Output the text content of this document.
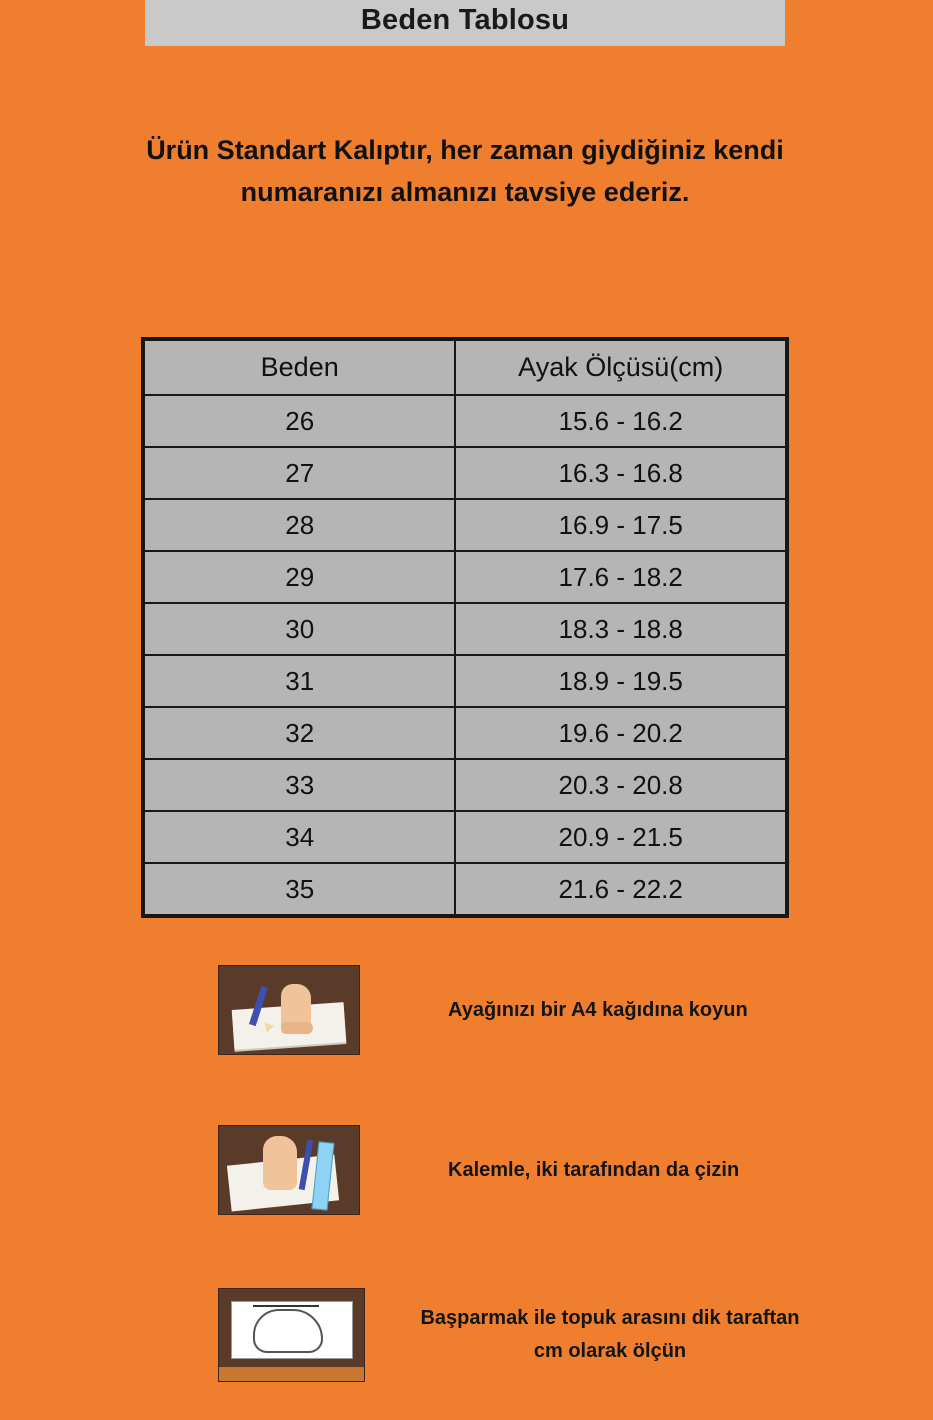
Beden Tablosu
Ürün Standart Kalıptır, her zaman giydiğiniz kendi numaranızı almanızı tavsiye ederiz.
Beden	Ayak Ölçüsü(cm)
26	15.6 - 16.2
27	16.3 - 16.8
28	16.9 - 17.5
29	17.6 - 18.2
30	18.3 - 18.8
31	18.9 - 19.5
32	19.6 - 20.2
33	20.3 - 20.8
34	20.9 - 21.5
35	21.6 - 22.2
Ayağınızı bir A4 kağıdına koyun
Kalemle, iki tarafından da çizin
Başparmak ile topuk arasını dik taraftan cm olarak ölçün
